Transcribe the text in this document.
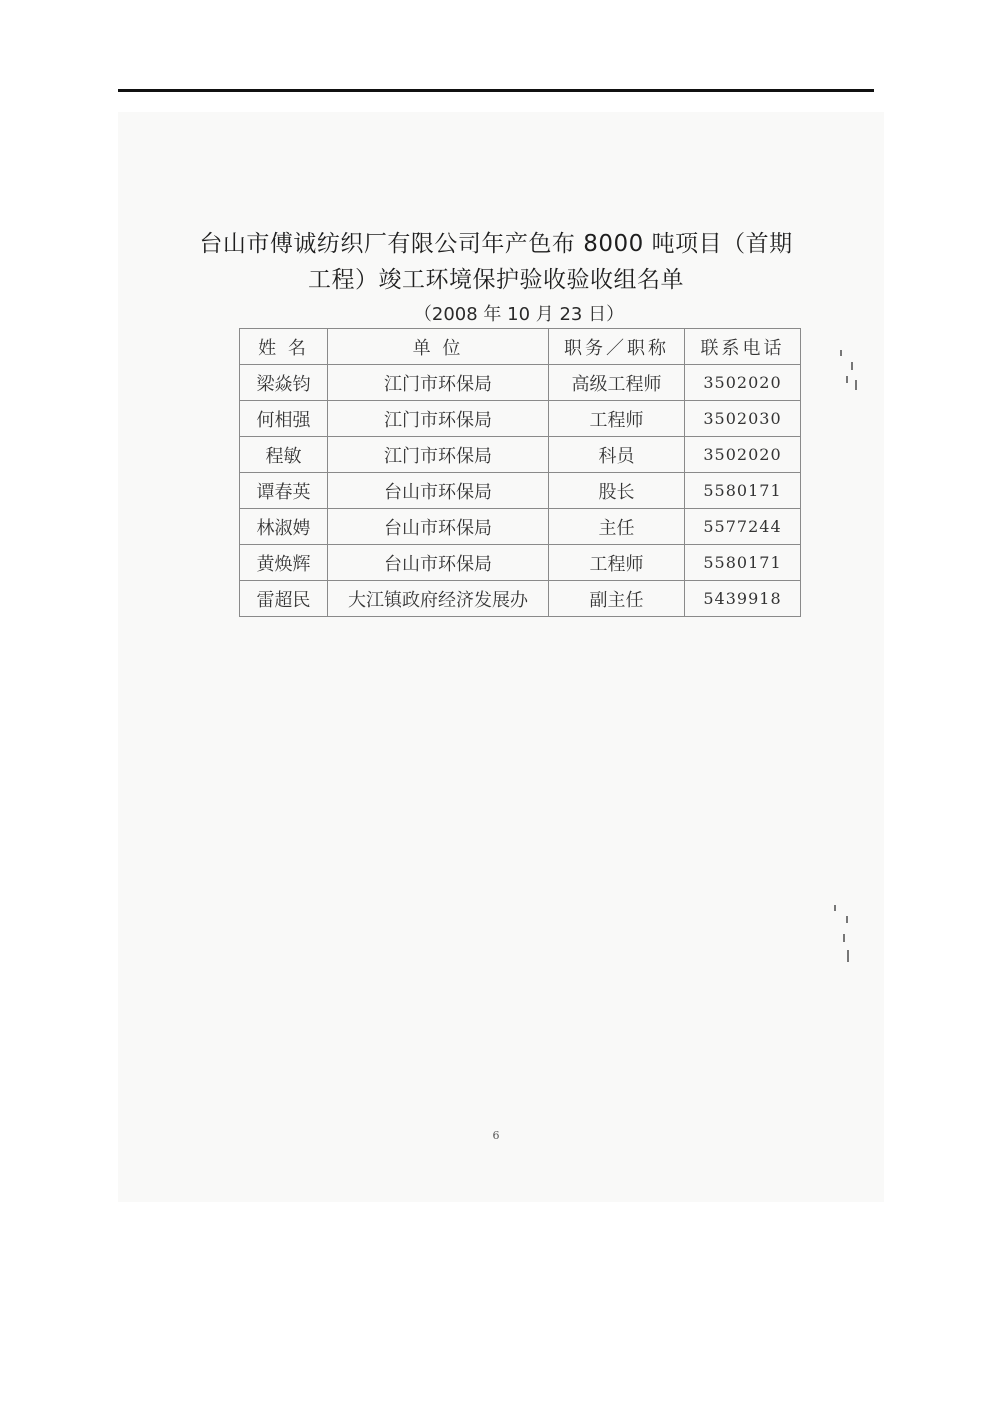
台山市傅诚纺织厂有限公司年产色布 8000 吨项目（首期
工程）竣工环境保护验收验收组名单
（2008 年 10 月 23 日）
姓 名	单 位	职务／职称	联系电话
梁焱钧	江门市环保局	高级工程师	3502020
何相强	江门市环保局	工程师	3502030
程敏	江门市环保局	科员	3502020
谭春英	台山市环保局	股长	5580171
林淑娉	台山市环保局	主任	5577244
黄焕辉	台山市环保局	工程师	5580171
雷超民	大江镇政府经济发展办	副主任	5439918
6
